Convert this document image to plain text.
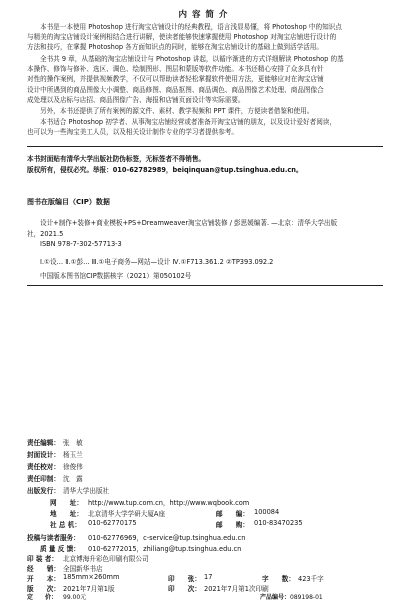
内 容 简 介
本书是一本使用 Photoshop 进行淘宝店铺设计的经典教程，语言浅显易懂，将 Photoshop 中的知识点
与精美的淘宝店铺设计案例相结合进行讲解，使读者能够快速掌握使用 Photoshop 对淘宝店铺进行设计的
方法和技巧，在掌握 Photoshop 各方面知识点的同时，能够在淘宝店铺设计的基础上做到活学活用。
全书共 9 章，从基础的淘宝店铺设计与 Photoshop 讲起，以循序渐进的方式详细解读 Photoshop 的基
本操作、修饰与修补、选区、调色、绘制图形、图层和蒙版等软件功能。本书还精心安排了众多具有针
对性的操作案例，并提供视频教学，不仅可以帮助读者轻松掌握软件使用方法，更能够应对在淘宝店铺
设计中所遇到的商品图像大小调整、商品修图、商品抠图、商品调色、商品图像艺术处理、商品图像合
成处理以及店标与店招、商品图像广告、海报和店铺页面设计等实际需要。
另外，本书还提供了所有案例的源文件、素材、教学视频和 PPT 课件，方便读者借鉴和使用。
本书适合 Photoshop 初学者、从事淘宝店铺经营或者准备开淘宝店铺的朋友，以及设计爱好者阅读，
也可以为一些淘宝美工人员，以及相关设计制作专业的学习者提供参考。
本书封面贴有清华大学出版社防伪标签，无标签者不得销售。
版权所有，侵权必究。举报：010-62782989，beiqinquan@tup.tsinghua.edu.cn。
图书在版编目（CIP）数据
设计+制作+装修+商业模板+PS+Dreamweaver淘宝店铺装修 / 彭思媛编著. —北京：清华大学出版
社，2021.5
ISBN 978-7-302-57713-3
Ⅰ.①设… Ⅱ.①彭… Ⅲ.①电子商务—网站—设计 Ⅳ.①F713.361.2 ②TP393.092.2
中国版本图书馆CIP数据核字（2021）第050102号
责任编辑： 张　敏
封面设计： 杨玉兰
责任校对： 徐俊伟
责任印制： 沈　露
出版发行： 清华大学出版社
网　　址： http://www.tup.com.cn，http://www.wqbook.com
地　　址： 北京清华大学学研大厦A座	邮　　编： 100084
社 总 机： 010-62770175	邮　　购： 010-83470235
投稿与读者服务： 010-62776969，c-service@tup.tsinghua.edu.cn
质 量 反 馈： 010-62772015，zhiliang@tup.tsinghua.edu.cn
印 装 者： 北京博海升彩色印刷有限公司
经　　销： 全国新华书店
开　　本： 185mm×260mm	印　　张： 17	字　　数： 423千字
版　　次： 2021年7月第1版	印　　次： 2021年7月第1次印刷
定　　价： 99.00元	产品编号：089198-01
